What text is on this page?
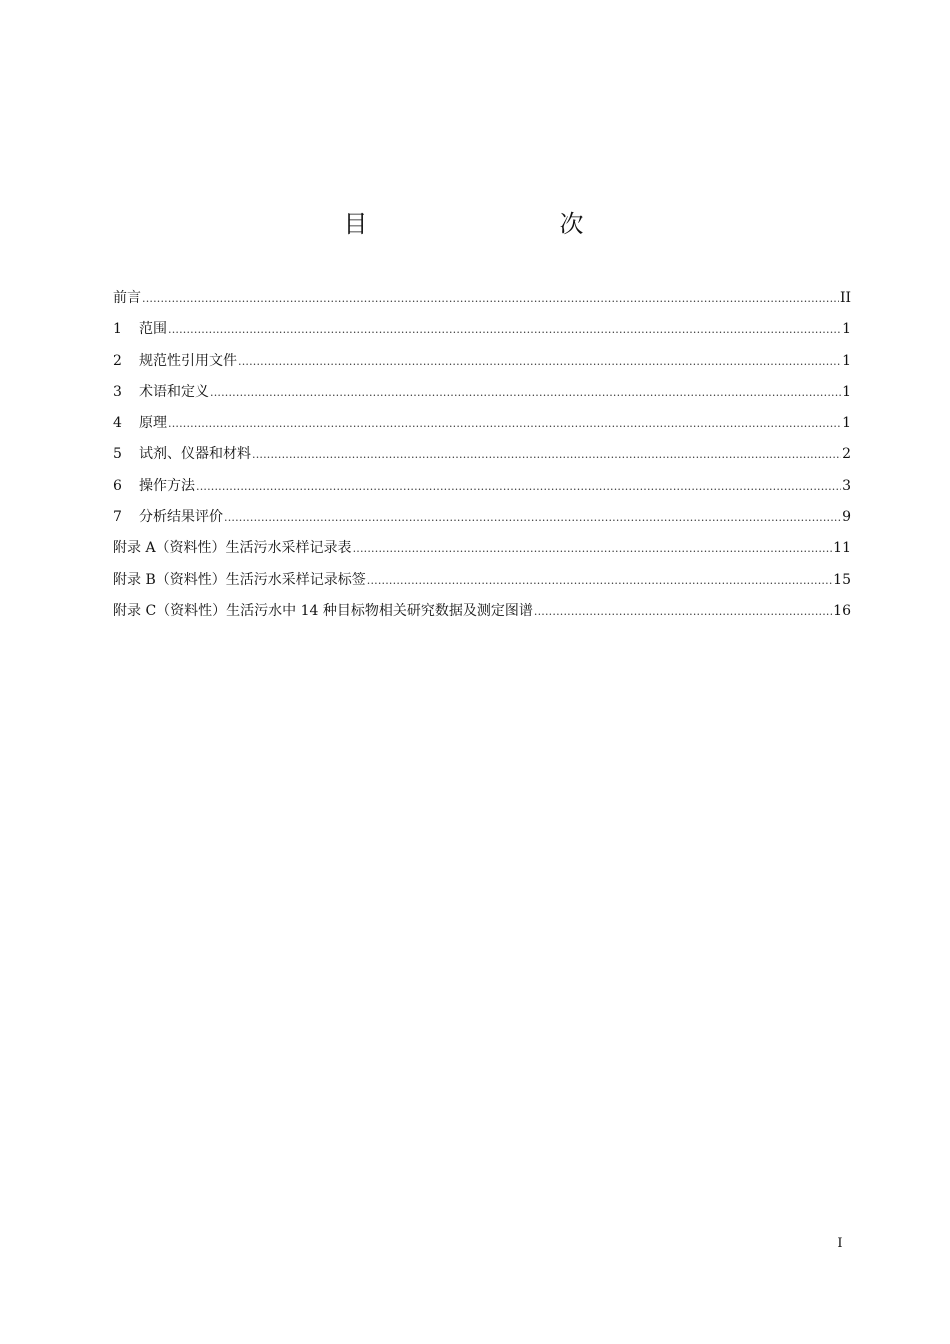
目　　次
前言 .....	II
1	范围 .....	1
2	规范性引用文件 .....	1
3	术语和定义 .....	1
4	原理 .....	1
5	试剂、仪器和材料 .....	2
6	操作方法 .....	3
7	分析结果评价 .....	9
附录 A（资料性）生活污水采样记录表 .....	11
附录 B（资料性）生活污水采样记录标签 .....	15
附录 C（资料性）生活污水中 14 种目标物相关研究数据及测定图谱 .....	16
I
